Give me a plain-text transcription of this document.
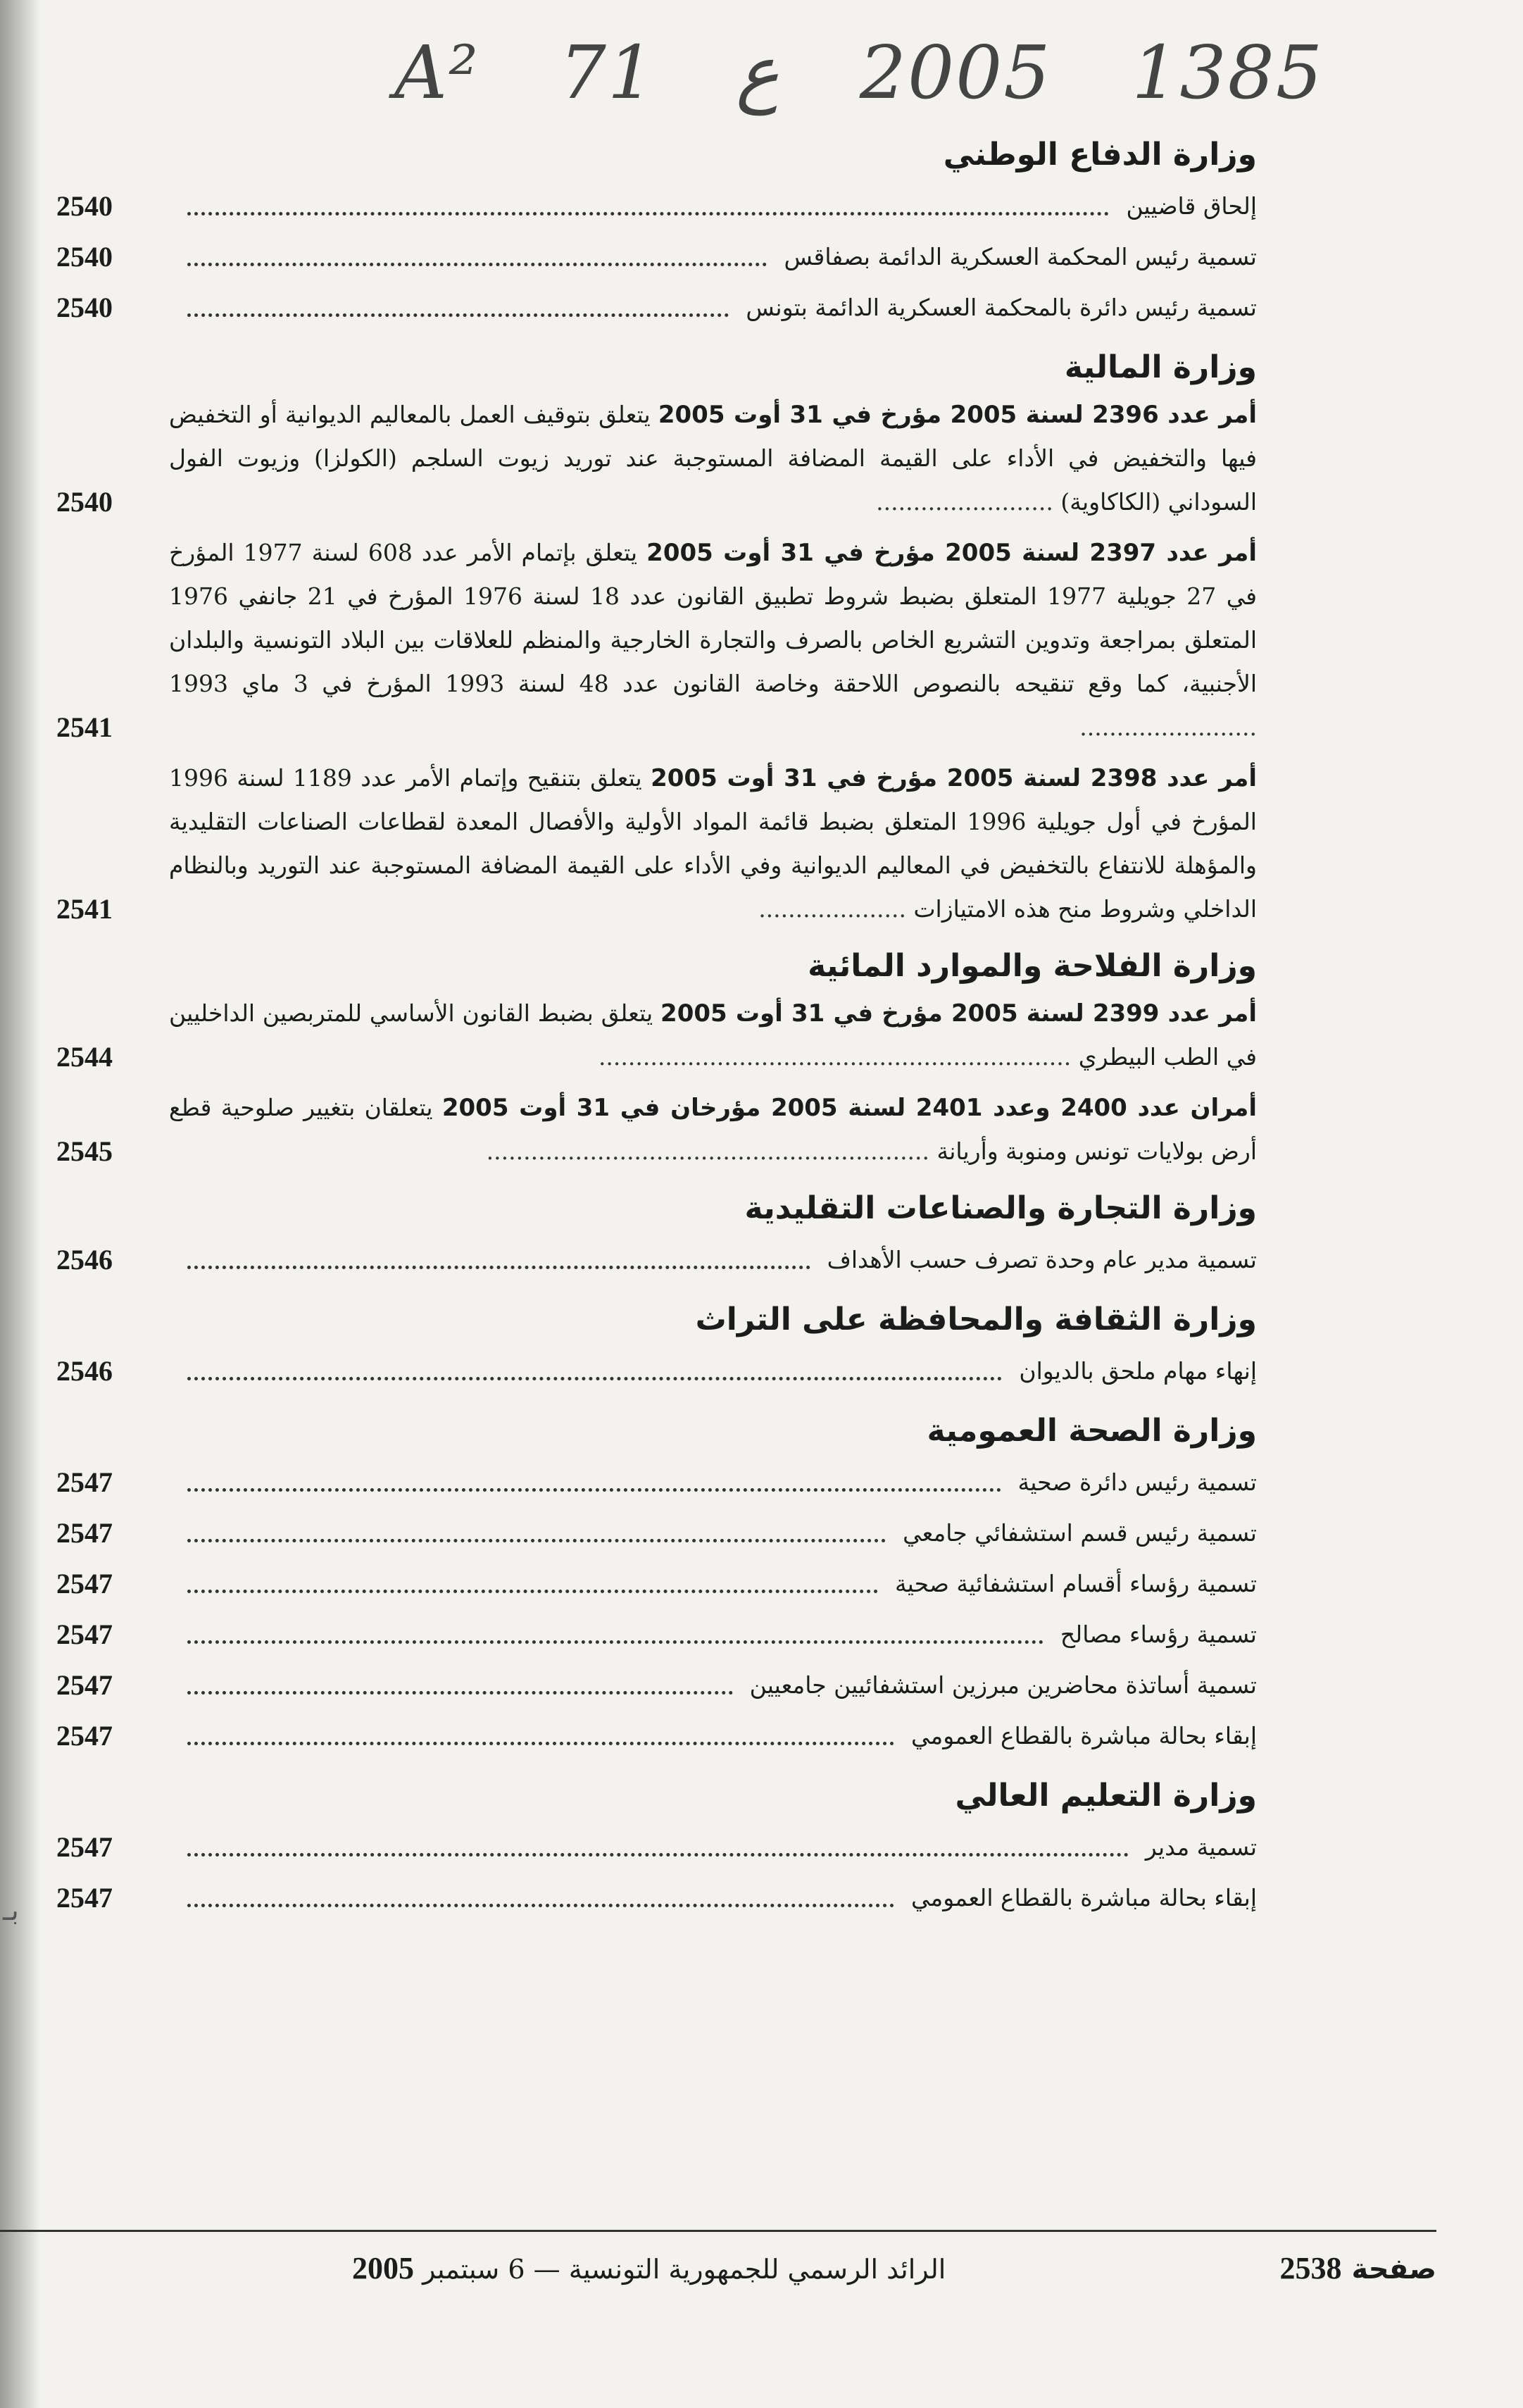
بـ
A² 71 ع 2005 1385
وزارة الدفاع الوطني
إلحاق قاضيين
2540
تسمية رئيس المحكمة العسكرية الدائمة بصفاقس
2540
تسمية رئيس دائرة بالمحكمة العسكرية الدائمة بتونس
2540
وزارة المالية
أمر عدد 2396 لسنة 2005 مؤرخ في 31 أوت 2005 يتعلق بتوقيف العمل بالمعاليم الديوانية أو التخفيض فيها والتخفيض في الأداء على القيمة المضافة المستوجبة عند توريد زيوت السلجم (الكولزا) وزيوت الفول السوداني (الكاكاوية) ........................
2540
أمر عدد 2397 لسنة 2005 مؤرخ في 31 أوت 2005 يتعلق بإتمام الأمر عدد 608 لسنة 1977 المؤرخ في 27 جويلية 1977 المتعلق بضبط شروط تطبيق القانون عدد 18 لسنة 1976 المؤرخ في 21 جانفي 1976 المتعلق بمراجعة وتدوين التشريع الخاص بالصرف والتجارة الخارجية والمنظم للعلاقات بين البلاد التونسية والبلدان الأجنبية، كما وقع تنقيحه بالنصوص اللاحقة وخاصة القانون عدد 48 لسنة 1993 المؤرخ في 3 ماي 1993 ........................
2541
أمر عدد 2398 لسنة 2005 مؤرخ في 31 أوت 2005 يتعلق بتنقيح وإتمام الأمر عدد 1189 لسنة 1996 المؤرخ في أول جويلية 1996 المتعلق بضبط قائمة المواد الأولية والأفصال المعدة لقطاعات الصناعات التقليدية والمؤهلة للانتفاع بالتخفيض في المعاليم الديوانية وفي الأداء على القيمة المضافة المستوجبة عند التوريد وبالنظام الداخلي وشروط منح هذه الامتيازات ....................
2541
وزارة الفلاحة والموارد المائية
أمر عدد 2399 لسنة 2005 مؤرخ في 31 أوت 2005 يتعلق بضبط القانون الأساسي للمتربصين الداخليين في الطب البيطري ................................................................
2544
أمران عدد 2400 وعدد 2401 لسنة 2005 مؤرخان في 31 أوت 2005 يتعلقان بتغيير صلوحية قطع أرض بولايات تونس ومنوبة وأريانة ............................................................
2545
وزارة التجارة والصناعات التقليدية
تسمية مدير عام وحدة تصرف حسب الأهداف
2546
وزارة الثقافة والمحافظة على التراث
إنهاء مهام ملحق بالديوان
2546
وزارة الصحة العمومية
تسمية رئيس دائرة صحية
2547
تسمية رئيس قسم استشفائي جامعي
2547
تسمية رؤساء أقسام استشفائية صحية
2547
تسمية رؤساء مصالح
2547
تسمية أساتذة محاضرين مبرزين استشفائيين جامعيين
2547
إبقاء بحالة مباشرة بالقطاع العمومي
2547
وزارة التعليم العالي
تسمية مدير
2547
إبقاء بحالة مباشرة بالقطاع العمومي
2547
الرائد الرسمي للجمهورية التونسية — 6 سبتمبر 2005	صفحة 2538
